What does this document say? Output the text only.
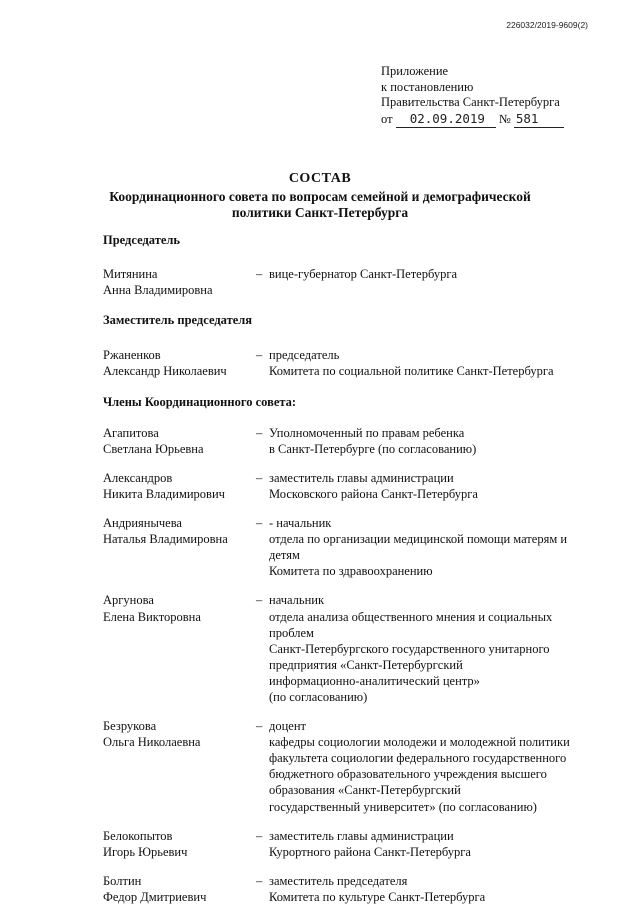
226032/2019-9609(2)
Приложение
к постановлению
Правительства Санкт-Петербурга
от 02.09.2019 № 581
СОСТАВ
Координационного совета по вопросам семейной и демографической
политики Санкт-Петербурга

Председатель

Митянина
Анна Владимировна
– вице-губернатор Санкт-Петербурга

Заместитель председателя

Ржаненков
Александр Николаевич
– председатель
Комитета по социальной политике Санкт-Петербурга

Члены Координационного совета:

Агапитова
Светлана Юрьевна
– Уполномоченный по правам ребенка
в Санкт-Петербурге (по согласованию)
Александров
Никита Владимирович
– заместитель главы администрации
Московского района Санкт-Петербурга
Андриянычева
Наталья Владимировна
– - начальник
отдела по организации медицинской помощи матерям и детям
Комитета по здравоохранению
Аргунова
Елена Викторовна
– начальник
отдела анализа общественного мнения и социальных проблем
Санкт-Петербургского государственного унитарного
предприятия «Санкт-Петербургский
информационно-аналитический центр»
(по согласованию)
Безрукова
Ольга Николаевна
– доцент
кафедры социологии молодежи и молодежной политики
факультета социологии федерального государственного
бюджетного образовательного учреждения высшего
образования «Санкт-Петербургский
государственный университет» (по согласованию)
Белокопытов
Игорь Юрьевич
– заместитель главы администрации
Курортного района Санкт-Петербурга
Болтин
Федор Дмитриевич
– заместитель председателя
Комитета по культуре Санкт-Петербурга
